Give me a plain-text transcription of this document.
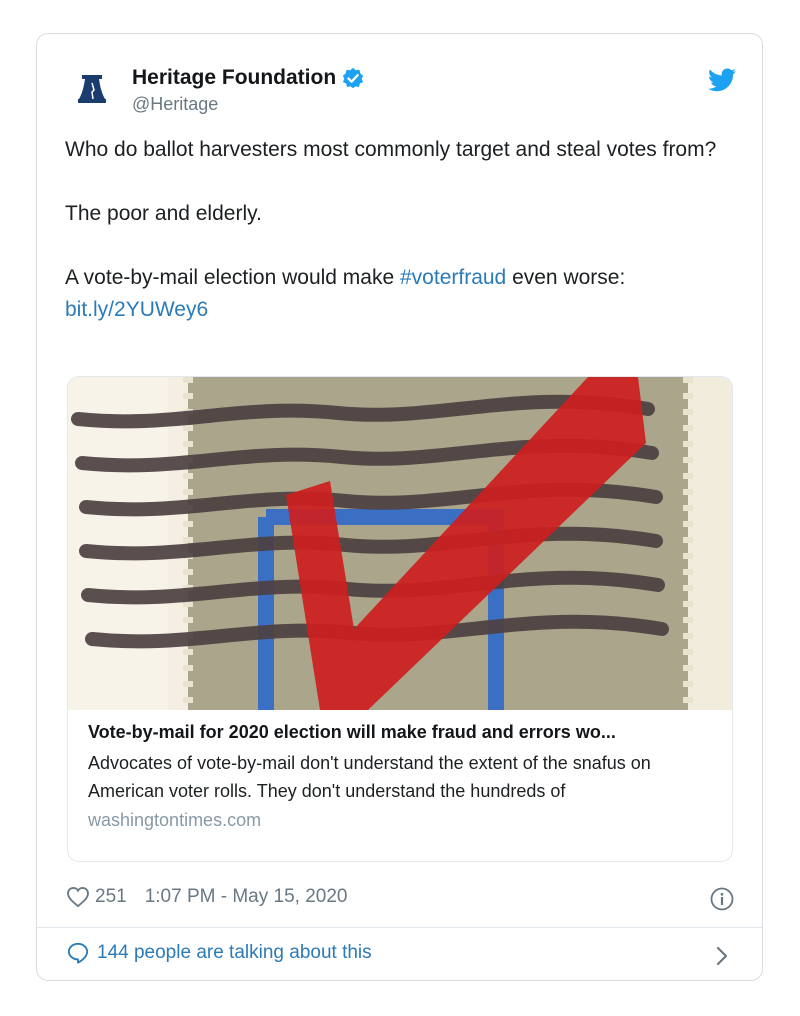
Heritage Foundation
@Heritage

Who do ballot harvesters most commonly target and steal votes from?

The poor and elderly.

A vote-by-mail election would make #voterfraud even worse:

bit.ly/2YUWey6

Vote-by-mail for 2020 election will make fraud and errors wo...
Advocates of vote-by-mail don't understand the extent of the snafus on American voter rolls. They don't understand the hundreds of
washingtontimes.com
251 1:07 PM - May 15, 2020
144 people are talking about this
